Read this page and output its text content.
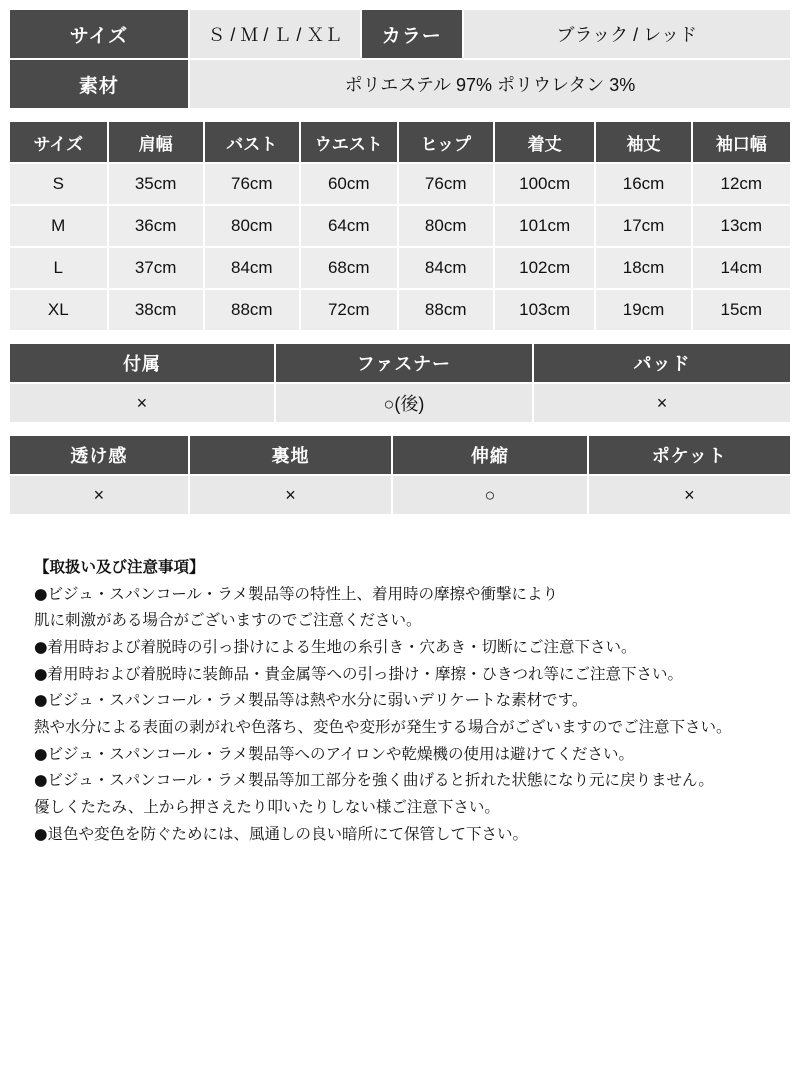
サイズ	Ｓ / Ｍ / Ｌ / ＸＬ	カラー	ブラック / レッド
素材	ポリエステル 97% ポリウレタン 3%		
サイズ	肩幅	バスト	ウエスト	ヒップ	着丈	袖丈	袖口幅
S	35cm	76cm	60cm	76cm	100cm	16cm	12cm
M	36cm	80cm	64cm	80cm	101cm	17cm	13cm
L	37cm	84cm	68cm	84cm	102cm	18cm	14cm
XL	38cm	88cm	72cm	88cm	103cm	19cm	15cm
付属	ファスナー	パッド
×	○(後)	×
透け感	裏地	伸縮	ポケット
×	×	○	×

【取扱い及び注意事項】

●ビジュ・スパンコール・ラメ製品等の特性上、着用時の摩擦や衝撃により

肌に刺激がある場合がございますのでご注意ください。

●着用時および着脱時の引っ掛けによる生地の糸引き・穴あき・切断にご注意下さい。

●着用時および着脱時に装飾品・貴金属等への引っ掛け・摩擦・ひきつれ等にご注意下さい。

●ビジュ・スパンコール・ラメ製品等は熱や水分に弱いデリケートな素材です。

熱や水分による表面の剥がれや色落ち、変色や変形が発生する場合がございますのでご注意下さい。

●ビジュ・スパンコール・ラメ製品等へのアイロンや乾燥機の使用は避けてください。

●ビジュ・スパンコール・ラメ製品等加工部分を強く曲げると折れた状態になり元に戻りません。

優しくたたみ、上から押さえたり叩いたりしない様ご注意下さい。

●退色や変色を防ぐためには、風通しの良い暗所にて保管して下さい。
